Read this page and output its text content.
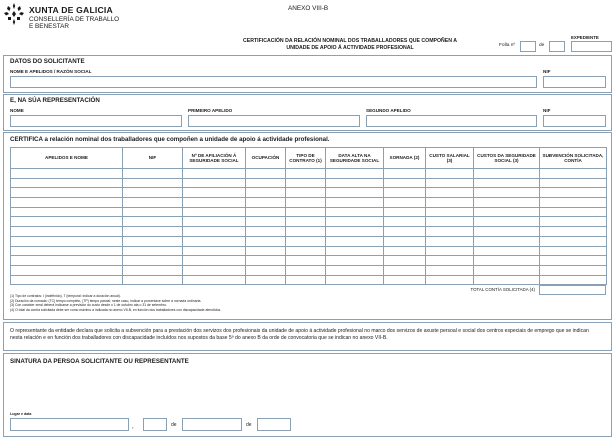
XUNTA DE GALICIA
CONSELLERÍA DE TRABALLO
E BENESTAR
ANEXO VIII-B
CERTIFICACIÓN DA RELACIÓN NOMINAL DOS TRABALLADORES QUE COMPOÑEN A
UNIDADE DE APOIO Á ACTIVIDADE PROFESIONAL	Folla nº	de
EXPEDIENTE
DATOS DO SOLICITANTE
NOME E APELIDOS / RAZÓN SOCIAL	NIF
E, NA SÚA REPRESENTACIÓN
NOME	PRIMEIRO APELIDO	SEGUNDO APELIDO	NIF
CERTIFICA a relación nominal dos traballadores que compoñen a unidade de apoio á actividade profesional.
APELIDOS E NOME	NIF	Nº DE AFILIACIÓN Á SEGURIDADE SOCIAL	OCUPACIÓN	TIPO DE CONTRATO (1)	DATA ALTA NA SEGURIDADE SOCIAL	XORNADA (2)	CUSTO SALARIAL (3)	CUSTOS DA SEGURIDADE SOCIAL (3)	SUBVENCIÓN SOLICITADA, CONTÍA

TOTAL CONTÍA SOLICITADA (4)
(1) Tipo de contratos: I (indefinido), T (temporal: indicar a duración anual).
(2) Duración da xornada: (TC) tempo completo, (TP) tempo parcial; neste caso, indicar a porcentaxe sobre a xornada ordinaria.
(3) Con carácter xeral deberá indicarse a previsión do custo desde o 1 de outubro ata o 31 de setembro.
(4) O total da contía solicitada debe ser como máximo a indicada no anexo VII-B, en función dos traballadores con discapacidade atendidos.
O representante da entidade declara que solicita a subvención para a prestación dos servizos dos profesionais da unidade de apoio á actividade profesional no marco dos servizos de axuste persoal e social dos centros especiais de emprego que se indican nesta relación e en función dos traballadores con discapacidade incluídos nos supostos da base 5ª do anexo B da orde de convocatoria que se indican no anexo VII-B.
SINATURA DA PERSOA SOLICITANTE OU REPRESENTANTE
Lugar e data
,	de	de
